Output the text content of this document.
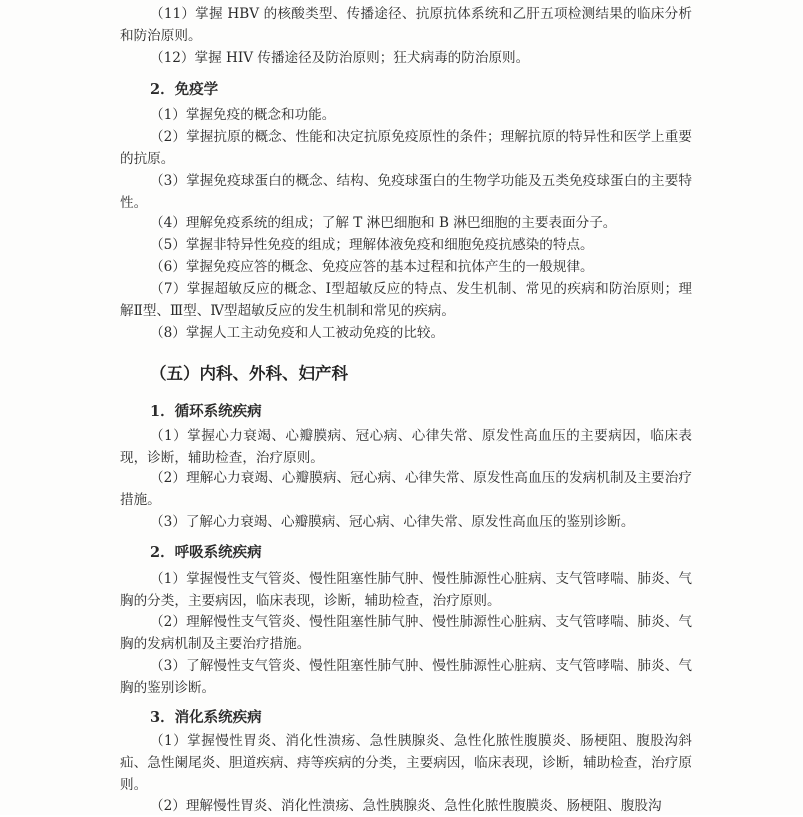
（11）掌握 HBV 的核酸类型、传播途径、抗原抗体系统和乙肝五项检测结果的临床分析和防治原则。

（12）掌握 HIV 传播途径及防治原则；狂犬病毒的防治原则。

2．免疫学

（1）掌握免疫的概念和功能。

（2）掌握抗原的概念、性能和决定抗原免疫原性的条件；理解抗原的特异性和医学上重要的抗原。

（3）掌握免疫球蛋白的概念、结构、免疫球蛋白的生物学功能及五类免疫球蛋白的主要特性。

（4）理解免疫系统的组成；了解 T 淋巴细胞和 B 淋巴细胞的主要表面分子。

（5）掌握非特异性免疫的组成；理解体液免疫和细胞免疫抗感染的特点。

（6）掌握免疫应答的概念、免疫应答的基本过程和抗体产生的一般规律。

（7）掌握超敏反应的概念、Ⅰ型超敏反应的特点、发生机制、常见的疾病和防治原则；理解Ⅱ型、Ⅲ型、Ⅳ型超敏反应的发生机制和常见的疾病。

（8）掌握人工主动免疫和人工被动免疫的比较。

（五）内科、外科、妇产科
1．循环系统疾病

（1）掌握心力衰竭、心瓣膜病、冠心病、心律失常、原发性高血压的主要病因，临床表现，诊断，辅助检查，治疗原则。

（2）理解心力衰竭、心瓣膜病、冠心病、心律失常、原发性高血压的发病机制及主要治疗措施。

（3）了解心力衰竭、心瓣膜病、冠心病、心律失常、原发性高血压的鉴别诊断。

2．呼吸系统疾病

（1）掌握慢性支气管炎、慢性阻塞性肺气肿、慢性肺源性心脏病、支气管哮喘、肺炎、气胸的分类，主要病因，临床表现，诊断，辅助检查，治疗原则。

（2）理解慢性支气管炎、慢性阻塞性肺气肿、慢性肺源性心脏病、支气管哮喘、肺炎、气胸的发病机制及主要治疗措施。

（3）了解慢性支气管炎、慢性阻塞性肺气肿、慢性肺源性心脏病、支气管哮喘、肺炎、气胸的鉴别诊断。

3．消化系统疾病

（1）掌握慢性胃炎、消化性溃疡、急性胰腺炎、急性化脓性腹膜炎、肠梗阻、腹股沟斜疝、急性阑尾炎、胆道疾病、痔等疾病的分类，主要病因，临床表现，诊断，辅助检查，治疗原则。

（2）理解慢性胃炎、消化性溃疡、急性胰腺炎、急性化脓性腹膜炎、肠梗阻、腹股沟
